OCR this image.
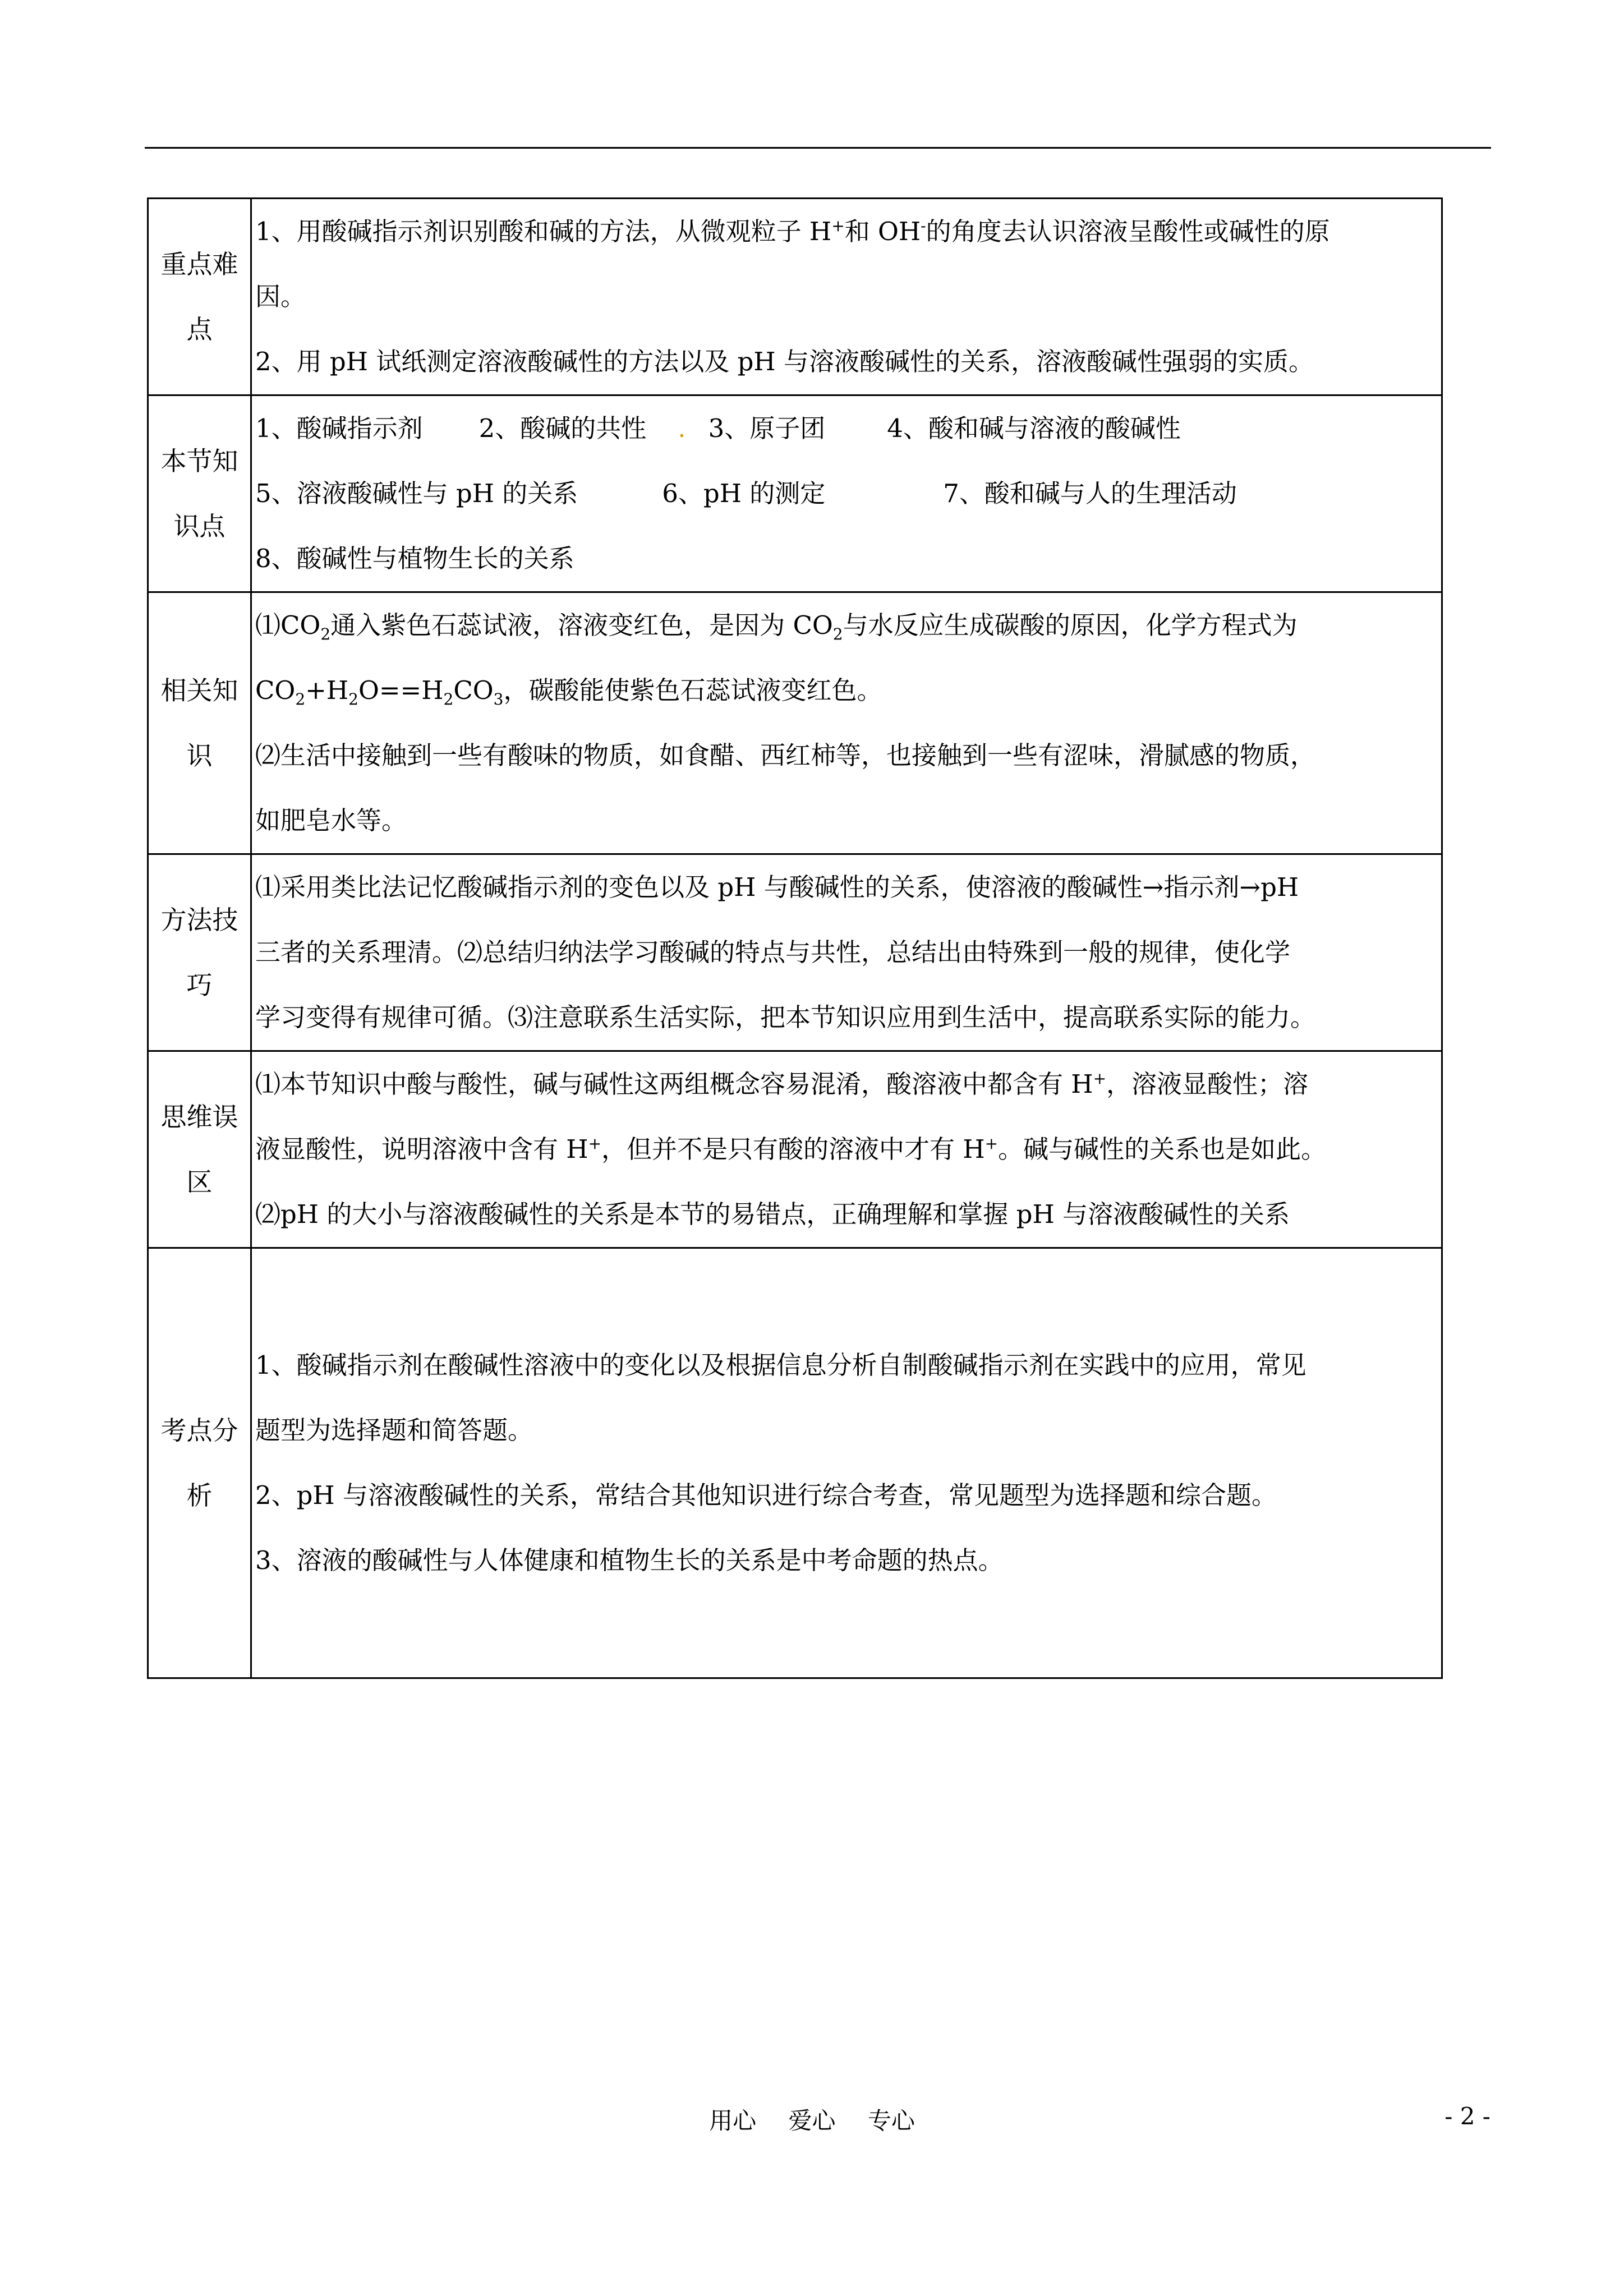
重点难点	1、用酸碱指示剂识别酸和碱的方法，从微观粒子 H+和 OH-的角度去认识溶液呈酸性或碱性的原
因。
2、用 pH 试纸测定溶液酸碱性的方法以及 pH 与溶液酸碱性的关系，溶液酸碱性强弱的实质。

本节知识点	1、酸碱指示剂 2、酸碱的共性 . 3、原子团 4、酸和碱与溶液的酸碱性
5、溶液酸碱性与 pH 的关系 6、pH 的测定 7、酸和碱与人的生理活动
8、酸碱性与植物生长的关系

相关知识	$⑴CO_2$通入紫色石蕊试液，溶液变红色，是因为 $CO_2$与水反应生成碳酸的原因，化学方程式为
$CO_2+H_2O==H_2CO_3$，碳酸能使紫色石蕊试液变红色。
⑵生活中接触到一些有酸味的物质，如食醋、西红柿等，也接触到一些有涩味，滑腻感的物质，
如肥皂水等。

方法技巧	⑴采用类比法记忆酸碱指示剂的变色以及 pH 与酸碱性的关系，使溶液的酸碱性→指示剂→pH
三者的关系理清。⑵总结归纳法学习酸碱的特点与共性，总结出由特殊到一般的规律，使化学
学习变得有规律可循。⑶注意联系生活实际，把本节知识应用到生活中，提高联系实际的能力。

思维误区	⑴本节知识中酸与酸性，碱与碱性这两组概念容易混淆，酸溶液中都含有 H+，溶液显酸性；溶
液显酸性，说明溶液中含有 H+，但并不是只有酸的溶液中才有 H+。碱与碱性的关系也是如此。
⑵pH 的大小与溶液酸碱性的关系是本节的易错点，正确理解和掌握 pH 与溶液酸碱性的关系

考点分析	1、酸碱指示剂在酸碱性溶液中的变化以及根据信息分析自制酸碱指示剂在实践中的应用，常见
题型为选择题和简答题。
2、pH 与溶液酸碱性的关系，常结合其他知识进行综合考查，常见题型为选择题和综合题。
3、溶液的酸碱性与人体健康和植物生长的关系是中考命题的热点。
用心 爱心 专心	- 2 -
